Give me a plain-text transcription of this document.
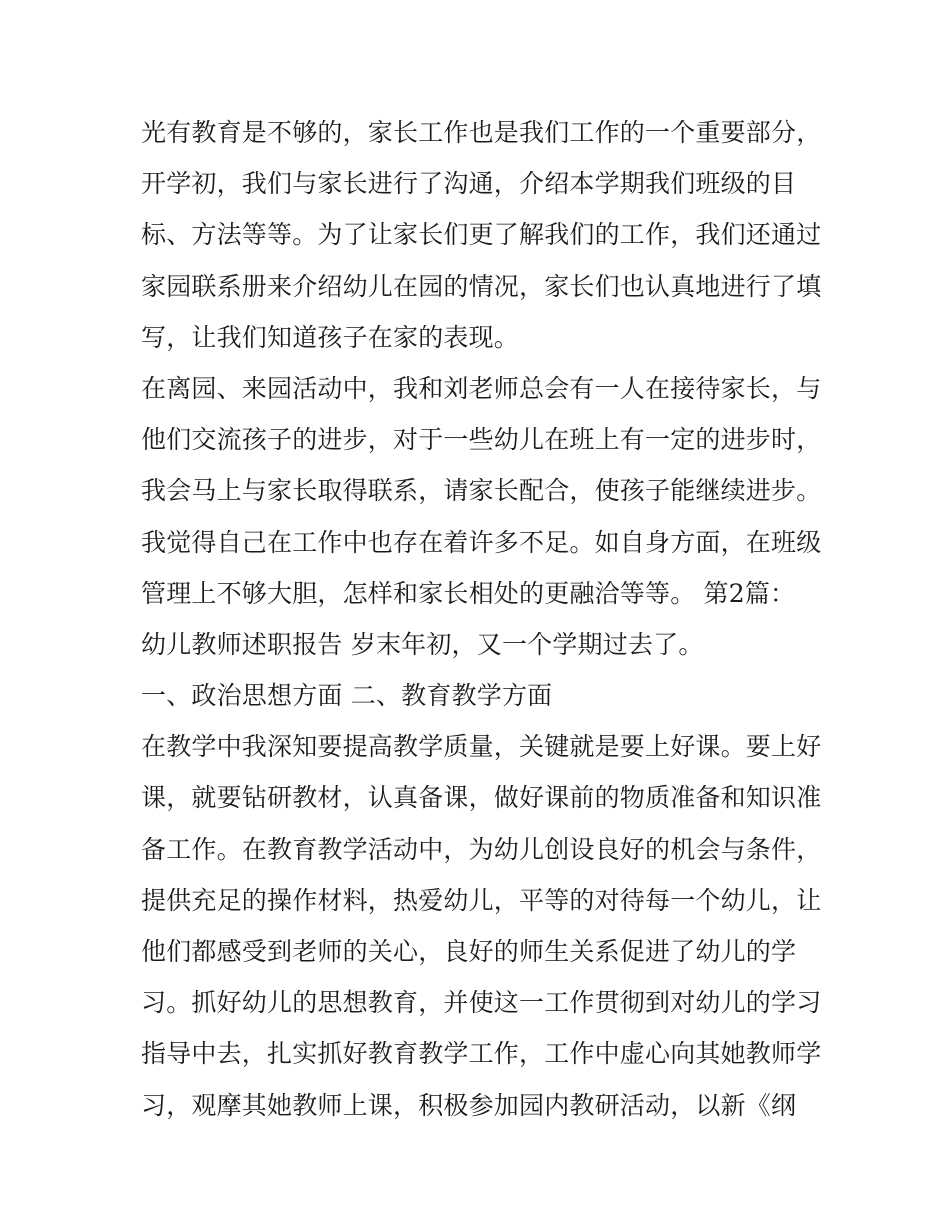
光有教育是不够的，家长工作也是我们工作的一个重要部分，

开学初，我们与家长进行了沟通，介绍本学期我们班级的目

标、方法等等。为了让家长们更了解我们的工作，我们还通过

家园联系册来介绍幼儿在园的情况，家长们也认真地进行了填

写，让我们知道孩子在家的表现。

在离园、来园活动中，我和刘老师总会有一人在接待家长，与

他们交流孩子的进步，对于一些幼儿在班上有一定的进步时，

我会马上与家长取得联系，请家长配合，使孩子能继续进步。

我觉得自己在工作中也存在着许多不足。如自身方面，在班级

管理上不够大胆，怎样和家长相处的更融洽等等。 第2篇：

幼儿教师述职报告 岁末年初，又一个学期过去了。

一、政治思想方面 二、教育教学方面

在教学中我深知要提高教学质量，关键就是要上好课。要上好

课，就要钻研教材，认真备课，做好课前的物质准备和知识准

备工作。在教育教学活动中，为幼儿创设良好的机会与条件，

提供充足的操作材料，热爱幼儿，平等的对待每一个幼儿，让

他们都感受到老师的关心，良好的师生关系促进了幼儿的学

习。抓好幼儿的思想教育，并使这一工作贯彻到对幼儿的学习

指导中去，扎实抓好教育教学工作，工作中虚心向其她教师学

习，观摩其她教师上课，积极参加园内教研活动，以新《纲
